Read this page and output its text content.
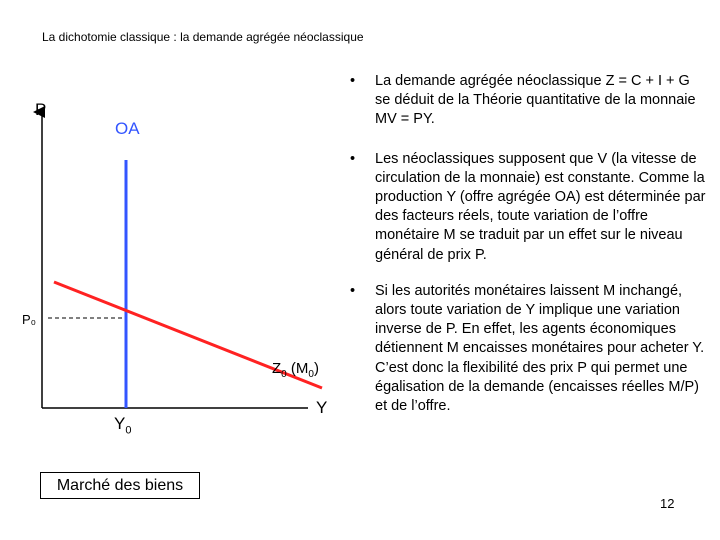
La dichotomie classique : la demande agrégée néoclassique
P
OA
P₀
$Z_0$ $(M_0)$
Y
$Y_0$
Marché des biens
•	La demande agrégée néoclassique Z = C + I + G se déduit de la Théorie quantitative de la monnaie MV = PY.
•	Les néoclassiques supposent que V (la vitesse de circulation de la monnaie) est constante. Comme la production Y (offre agrégée OA) est déterminée par des facteurs réels, toute variation de l’offre monétaire M se traduit par un effet sur le niveau général de prix P.
•	Si les autorités monétaires laissent M inchangé, alors toute variation de Y implique une variation inverse de P. En effet, les agents économiques détiennent M encaisses monétaires pour acheter Y. C’est donc la flexibilité des prix P qui permet une égalisation de la demande (encaisses réelles M/P) et de l’offre.
12
